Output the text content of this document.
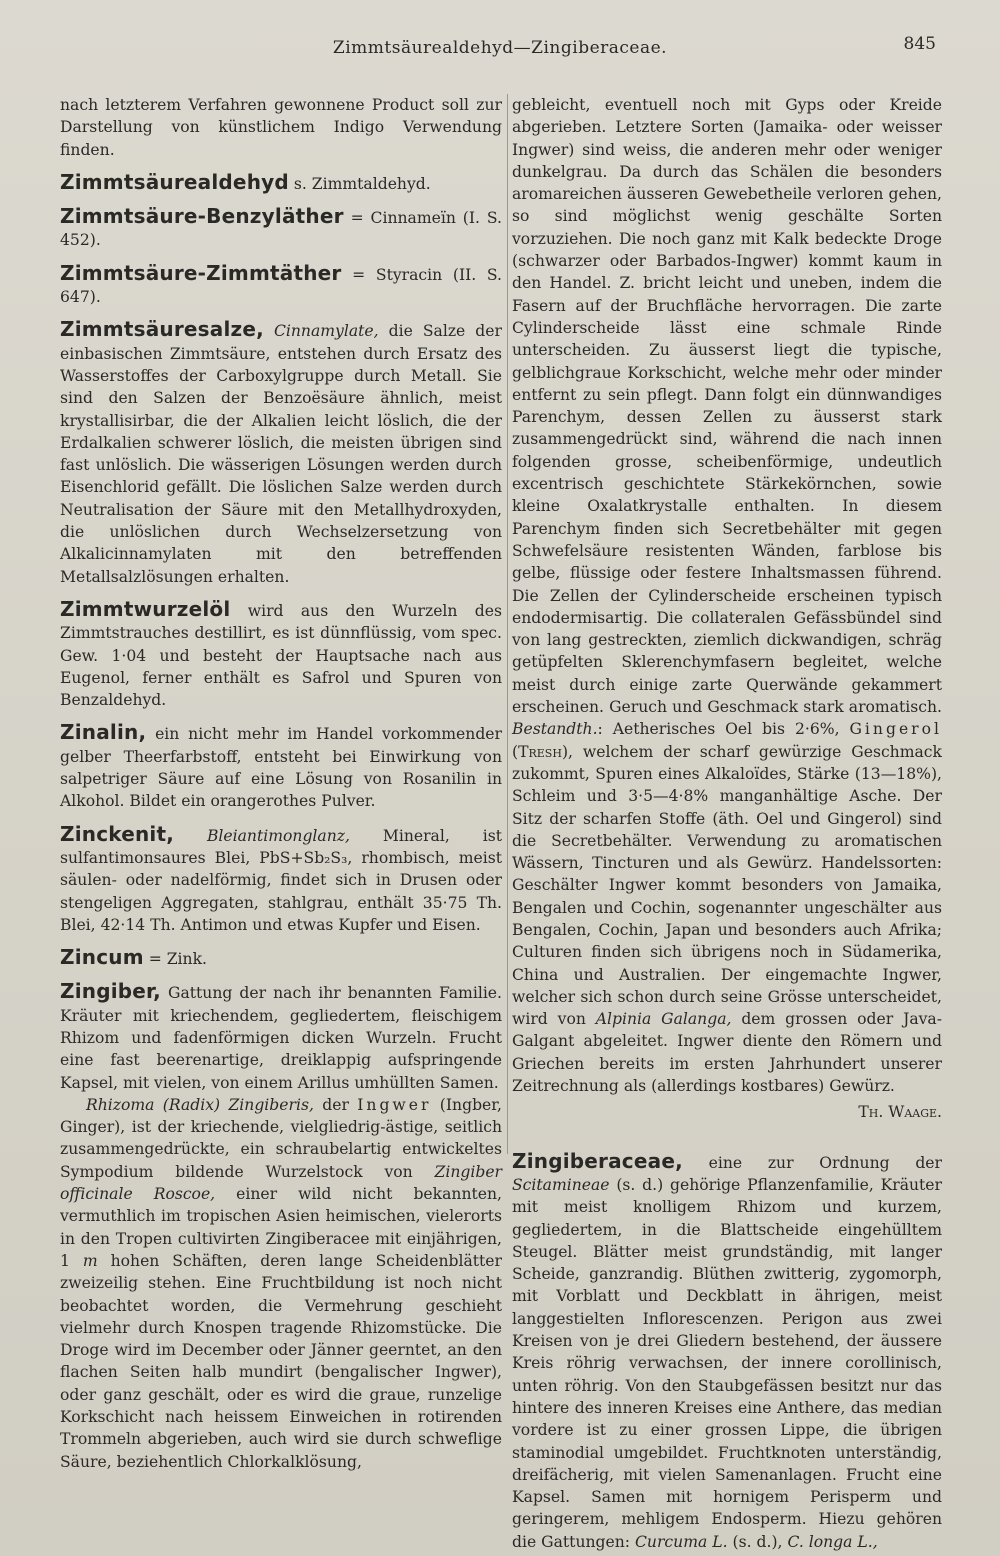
Zimmtsäurealdehyd—Zingiberaceae.	845

nach letzterem Verfahren gewonnene Product soll zur Darstellung von künstlichem Indigo Verwendung finden.

Zimmtsäurealdehyd s. Zimmtaldehyd.

Zimmtsäure-Benzyläther = Cinnameïn (I. S. 452).

Zimmtsäure-Zimmtäther = Styracin (II. S. 647).

Zimmtsäuresalze, Cinnamylate, die Salze der einbasischen Zimmtsäure, entstehen durch Ersatz des Wasserstoffes der Carboxylgruppe durch Metall. Sie sind den Salzen der Benzoësäure ähnlich, meist krystallisirbar, die der Alkalien leicht löslich, die der Erdalkalien schwerer löslich, die meisten übrigen sind fast unlöslich. Die wässerigen Lösungen werden durch Eisenchlorid gefällt. Die löslichen Salze werden durch Neutralisation der Säure mit den Metallhydroxyden, die unlöslichen durch Wechselzersetzung von Alkalicinnamylaten mit den betreffenden Metallsalzlösungen erhalten.

Zimmtwurzelöl wird aus den Wurzeln des Zimmtstrauches destillirt, es ist dünnflüssig, vom spec. Gew. 1·04 und besteht der Hauptsache nach aus Eugenol, ferner enthält es Safrol und Spuren von Benzaldehyd.

Zinalin, ein nicht mehr im Handel vorkommender gelber Theerfarbstoff, entsteht bei Einwirkung von salpetriger Säure auf eine Lösung von Rosanilin in Alkohol. Bildet ein orangerothes Pulver.

Zinckenit, Bleiantimonglanz, Mineral, ist sulfantimonsaures Blei, PbS+Sb₂S₃, rhombisch, meist säulen- oder nadelförmig, findet sich in Drusen oder stengeligen Aggregaten, stahlgrau, enthält 35·75 Th. Blei, 42·14 Th. Antimon und etwas Kupfer und Eisen.

Zincum = Zink.

Zingiber, Gattung der nach ihr benannten Familie. Kräuter mit kriechendem, gegliedertem, fleischigem Rhizom und fadenförmigen dicken Wurzeln. Frucht eine fast beerenartige, dreiklappig aufspringende Kapsel, mit vielen, von einem Arillus umhüllten Samen.

Rhizoma (Radix) Zingiberis, der Ingwer (Ingber, Ginger), ist der kriechende, vielgliedrig-ästige, seitlich zusammengedrückte, ein schraubelartig entwickeltes Sympodium bildende Wurzelstock von Zingiber officinale Roscoe, einer wild nicht bekannten, vermuthlich im tropischen Asien heimischen, vielerorts in den Tropen cultivirten Zingiberacee mit einjährigen, 1 m hohen Schäften, deren lange Scheidenblätter zweizeilig stehen. Eine Fruchtbildung ist noch nicht beobachtet worden, die Vermehrung geschieht vielmehr durch Knospen tragende Rhizomstücke. Die Droge wird im December oder Jänner geerntet, an den flachen Seiten halb mundirt (bengalischer Ingwer), oder ganz geschält, oder es wird die graue, runzelige Korkschicht nach heissem Einweichen in rotirenden Trommeln abgerieben, auch wird sie durch schweflige Säure, beziehentlich Chlorkalklösung,

gebleicht, eventuell noch mit Gyps oder Kreide abgerieben. Letztere Sorten (Jamaika- oder weisser Ingwer) sind weiss, die anderen mehr oder weniger dunkelgrau. Da durch das Schälen die besonders aromareichen äusseren Gewebetheile verloren gehen, so sind möglichst wenig geschälte Sorten vorzuziehen. Die noch ganz mit Kalk bedeckte Droge (schwarzer oder Barbados-Ingwer) kommt kaum in den Handel. Z. bricht leicht und uneben, indem die Fasern auf der Bruchfläche hervorragen. Die zarte Cylinderscheide lässt eine schmale Rinde unterscheiden. Zu äusserst liegt die typische, gelblichgraue Korkschicht, welche mehr oder minder entfernt zu sein pflegt. Dann folgt ein dünnwandiges Parenchym, dessen Zellen zu äusserst stark zusammengedrückt sind, während die nach innen folgenden grosse, scheibenförmige, undeutlich excentrisch geschichtete Stärkekörnchen, sowie kleine Oxalatkrystalle enthalten. In diesem Parenchym finden sich Secretbehälter mit gegen Schwefelsäure resistenten Wänden, farblose bis gelbe, flüssige oder festere Inhaltsmassen führend. Die Zellen der Cylinderscheide erscheinen typisch endodermisartig. Die collateralen Gefässbündel sind von lang gestreckten, ziemlich dickwandigen, schräg getüpfelten Sklerenchymfasern begleitet, welche meist durch einige zarte Querwände gekammert erscheinen. Geruch und Geschmack stark aromatisch. Bestandth.: Aetherisches Oel bis 2·6%, Gingerol (Tresh), welchem der scharf gewürzige Geschmack zukommt, Spuren eines Alkaloïdes, Stärke (13—18%), Schleim und 3·5—4·8% manganhältige Asche. Der Sitz der scharfen Stoffe (äth. Oel und Gingerol) sind die Secretbehälter. Verwendung zu aromatischen Wässern, Tincturen und als Gewürz. Handelssorten: Geschälter Ingwer kommt besonders von Jamaika, Bengalen und Cochin, sogenannter ungeschälter aus Bengalen, Cochin, Japan und besonders auch Afrika; Culturen finden sich übrigens noch in Südamerika, China und Australien. Der eingemachte Ingwer, welcher sich schon durch seine Grösse unterscheidet, wird von Alpinia Galanga, dem grossen oder Java-Galgant abgeleitet. Ingwer diente den Römern und Griechen bereits im ersten Jahrhundert unserer Zeitrechnung als (allerdings kostbares) Gewürz.

Th. Waage.

Zingiberaceae, eine zur Ordnung der Scitamineae (s. d.) gehörige Pflanzenfamilie, Kräuter mit meist knolligem Rhizom und kurzem, gegliedertem, in die Blattscheide eingehülltem Steugel. Blätter meist grundständig, mit langer Scheide, ganzrandig. Blüthen zwitterig, zygomorph, mit Vorblatt und Deckblatt in ährigen, meist langgestielten Inflorescenzen. Perigon aus zwei Kreisen von je drei Gliedern bestehend, der äussere Kreis röhrig verwachsen, der innere corollinisch, unten röhrig. Von den Staubgefässen besitzt nur das hintere des inneren Kreises eine Anthere, das median vordere ist zu einer grossen Lippe, die übrigen staminodial umgebildet. Fruchtknoten unterständig, dreifächerig, mit vielen Samenanlagen. Frucht eine Kapsel. Samen mit hornigem Perisperm und geringerem, mehligem Endosperm. Hiezu gehören die Gattungen: Curcuma L. (s. d.), C. longa L.,
